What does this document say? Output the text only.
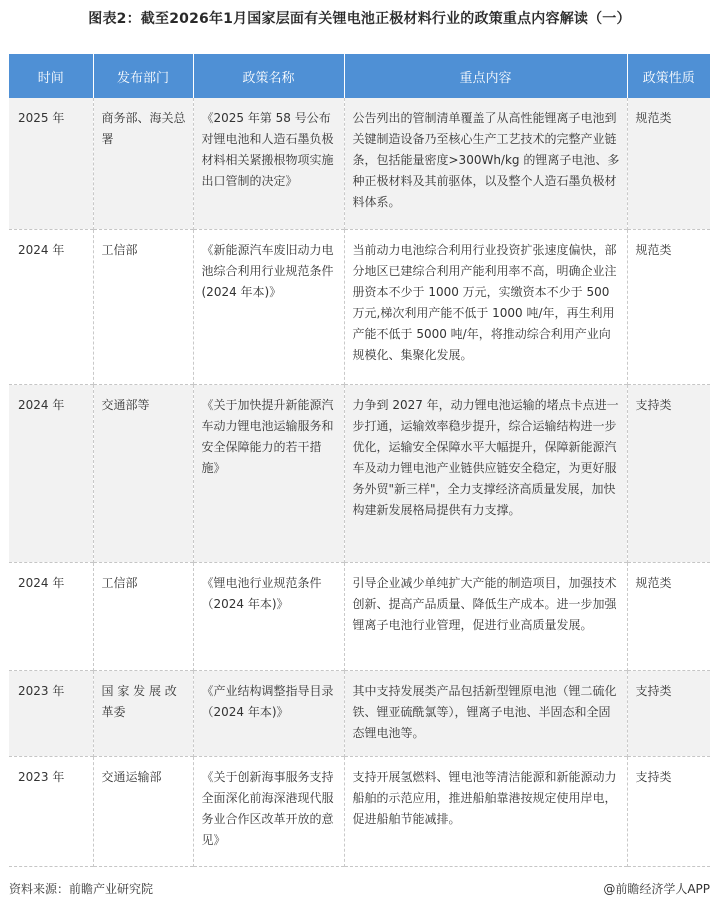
图表2：截至2026年1月国家层面有关锂电池正极材料行业的政策重点内容解读（一）
时间	发布部门	政策名称	重点内容	政策性质
2025 年	商务部、海关总署	《2025 年第 58 号公布对锂电池和人造石墨负极材料相关紧搬根物项实施出口管制的决定》	公告列出的管制清单覆盖了从高性能锂离子电池到关键制造设备乃至核心生产工艺技术的完整产业链条，包括能量密度>300Wh/kg 的锂离子电池、多种正极材料及其前驱体，以及整个人造石墨负极材料体系。	规范类
2024 年	工信部	《新能源汽车废旧动力电池综合利用行业规范条件(2024 年本)》	当前动力电池综合利用行业投资扩张速度偏快，部分地区已建综合利用产能利用率不高，明确企业注册资本不少于 1000 万元，实缴资本不少于 500 万元,梯次利用产能不低于 1000 吨/年，再生利用产能不低于 5000 吨/年，将推动综合利用产业向规模化、集聚化发展。	规范类
2024 年	交通部等	《关于加快提升新能源汽车动力锂电池运输服务和安全保障能力的若干措施》	力争到 2027 年，动力锂电池运输的堵点卡点进一步打通，运输效率稳步提升，综合运输结构进一步优化，运输安全保障水平大幅提升，保障新能源汽车及动力锂电池产业链供应链安全稳定，为更好服务外贸"新三样"，全力支撑经济高质量发展，加快构建新发展格局提供有力支撑。	支持类
2024 年	工信部	《锂电池行业规范条件（2024 年本)》	引导企业减少单纯扩大产能的制造项目，加强技术创新、提高产品质量、降低生产成本。进一步加强锂离子电池行业管理，促进行业高质量发展。	规范类
2023 年	国 家 发 展 改革委	《产业结构调整指导目录（2024 年本)》	其中支持发展类产品包括新型锂原电池（锂二硫化铁、锂亚硫酰氯等），锂离子电池、半固态和全固态锂电池等。	支持类
2023 年	交通运输部	《关于创新海事服务支持全面深化前海深港现代服务业合作区改革开放的意见》	支持开展氢燃料、锂电池等清洁能源和新能源动力船舶的示范应用，推进船舶靠港按规定使用岸电，促进船舶节能减排。	支持类
资料来源：前瞻产业研究院	@前瞻经济学人APP
